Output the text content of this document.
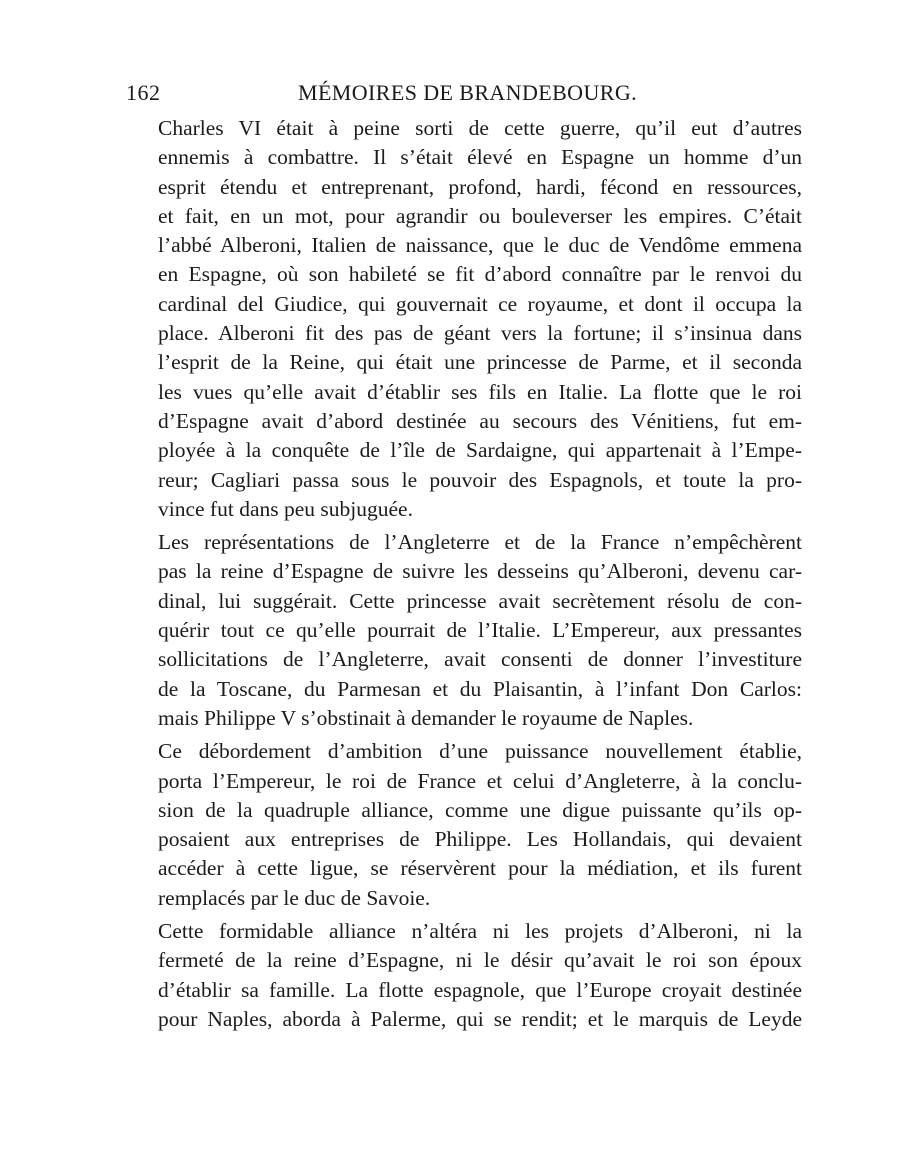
162	MÉMOIRES DE BRANDEBOURG.

Charles VI était à peine sorti de cette guerre, qu’il eut d’autres
ennemis à combattre. Il s’était élevé en Espagne un homme d’un
esprit étendu et entreprenant, profond, hardi, fécond en ressources,
et fait, en un mot, pour agrandir ou bouleverser les empires. C’était
l’abbé Alberoni, Italien de naissance, que le duc de Vendôme emmena
en Espagne, où son habileté se fit d’abord connaître par le renvoi du
cardinal del Giudice, qui gouvernait ce royaume, et dont il occupa la
place. Alberoni fit des pas de géant vers la fortune; il s’insinua dans
l’esprit de la Reine, qui était une princesse de Parme, et il seconda
les vues qu’elle avait d’établir ses fils en Italie. La flotte que le roi
d’Espagne avait d’abord destinée au secours des Vénitiens, fut em-
ployée à la conquête de l’île de Sardaigne, qui appartenait à l’Empe-
reur; Cagliari passa sous le pouvoir des Espagnols, et toute la pro-
vince fut dans peu subjuguée.

Les représentations de l’Angleterre et de la France n’empêchèrent
pas la reine d’Espagne de suivre les desseins qu’Alberoni, devenu car-
dinal, lui suggérait. Cette princesse avait secrètement résolu de con-
quérir tout ce qu’elle pourrait de l’Italie. L’Empereur, aux pressantes
sollicitations de l’Angleterre, avait consenti de donner l’investiture
de la Toscane, du Parmesan et du Plaisantin, à l’infant Don Carlos:
mais Philippe V s’obstinait à demander le royaume de Naples.

Ce débordement d’ambition d’une puissance nouvellement établie,
porta l’Empereur, le roi de France et celui d’Angleterre, à la conclu-
sion de la quadruple alliance, comme une digue puissante qu’ils op-
posaient aux entreprises de Philippe. Les Hollandais, qui devaient
accéder à cette ligue, se réservèrent pour la médiation, et ils furent
remplacés par le duc de Savoie.

Cette formidable alliance n’altéra ni les projets d’Alberoni, ni la
fermeté de la reine d’Espagne, ni le désir qu’avait le roi son époux
d’établir sa famille. La flotte espagnole, que l’Europe croyait destinée
pour Naples, aborda à Palerme, qui se rendit; et le marquis de Leyde
